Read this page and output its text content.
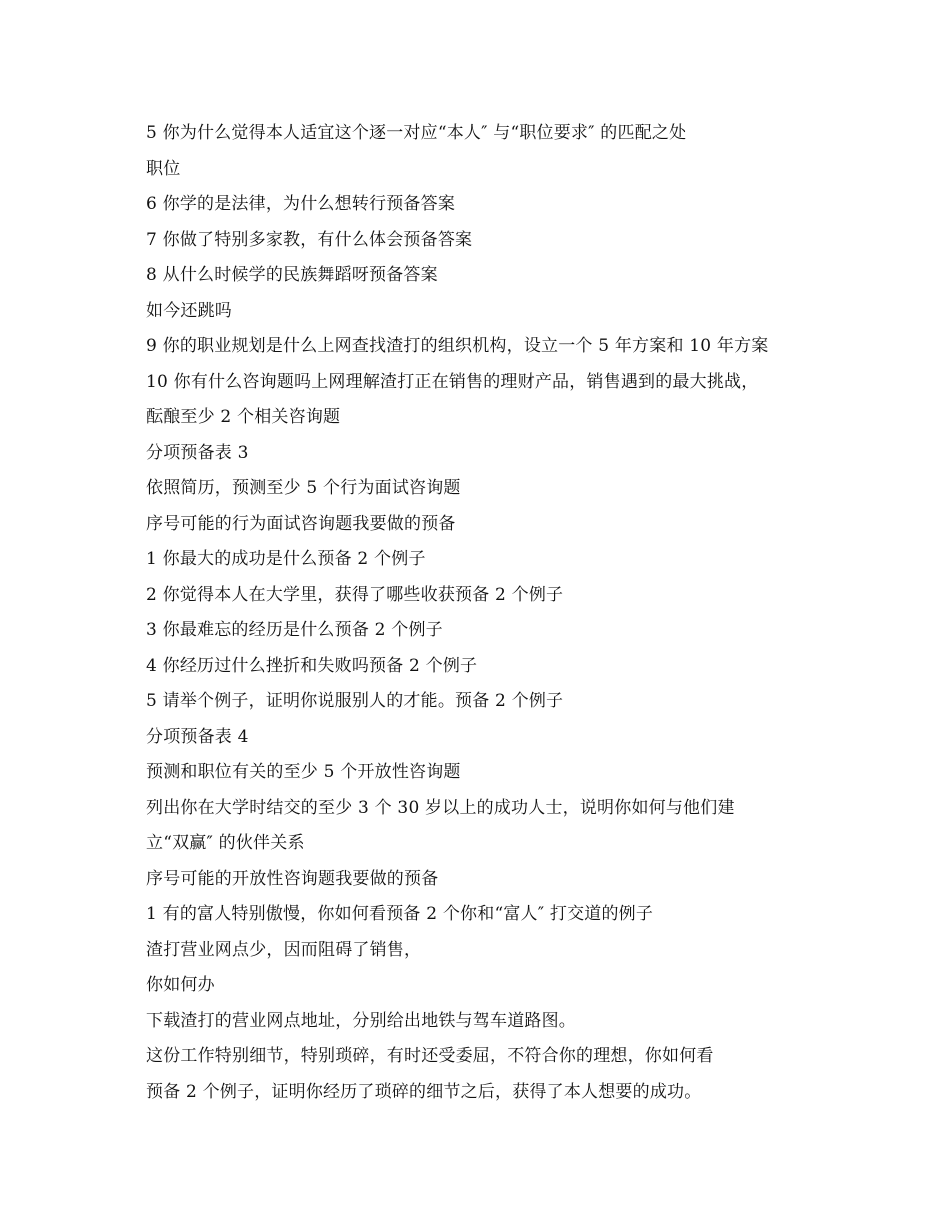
5 你为什么觉得本人适宜这个逐一对应“本人″ 与“职位要求″ 的匹配之处
职位
6 你学的是法律，为什么想转行预备答案
7 你做了特别多家教，有什么体会预备答案
8 从什么时候学的民族舞蹈呀预备答案
如今还跳吗
9 你的职业规划是什么上网查找渣打的组织机构，设立一个 5 年方案和 10 年方案
10 你有什么咨询题吗上网理解渣打正在销售的理财产品，销售遇到的最大挑战，
酝酿至少 2 个相关咨询题
分项预备表 3
依照简历，预测至少 5 个行为面试咨询题
序号可能的行为面试咨询题我要做的预备
1 你最大的成功是什么预备 2 个例子
2 你觉得本人在大学里，获得了哪些收获预备 2 个例子
3 你最难忘的经历是什么预备 2 个例子
4 你经历过什么挫折和失败吗预备 2 个例子
5 请举个例子，证明你说服别人的才能。预备 2 个例子
分项预备表 4
预测和职位有关的至少 5 个开放性咨询题
列出你在大学时结交的至少 3 个 30 岁以上的成功人士，说明你如何与他们建
立“双赢″ 的伙伴关系
序号可能的开放性咨询题我要做的预备
1 有的富人特别傲慢，你如何看预备 2 个你和“富人″ 打交道的例子
渣打营业网点少，因而阻碍了销售，
你如何办
下载渣打的营业网点地址，分别给出地铁与驾车道路图。
这份工作特别细节，特别琐碎，有时还受委屈，不符合你的理想，你如何看
预备 2 个例子，证明你经历了琐碎的细节之后，获得了本人想要的成功。
